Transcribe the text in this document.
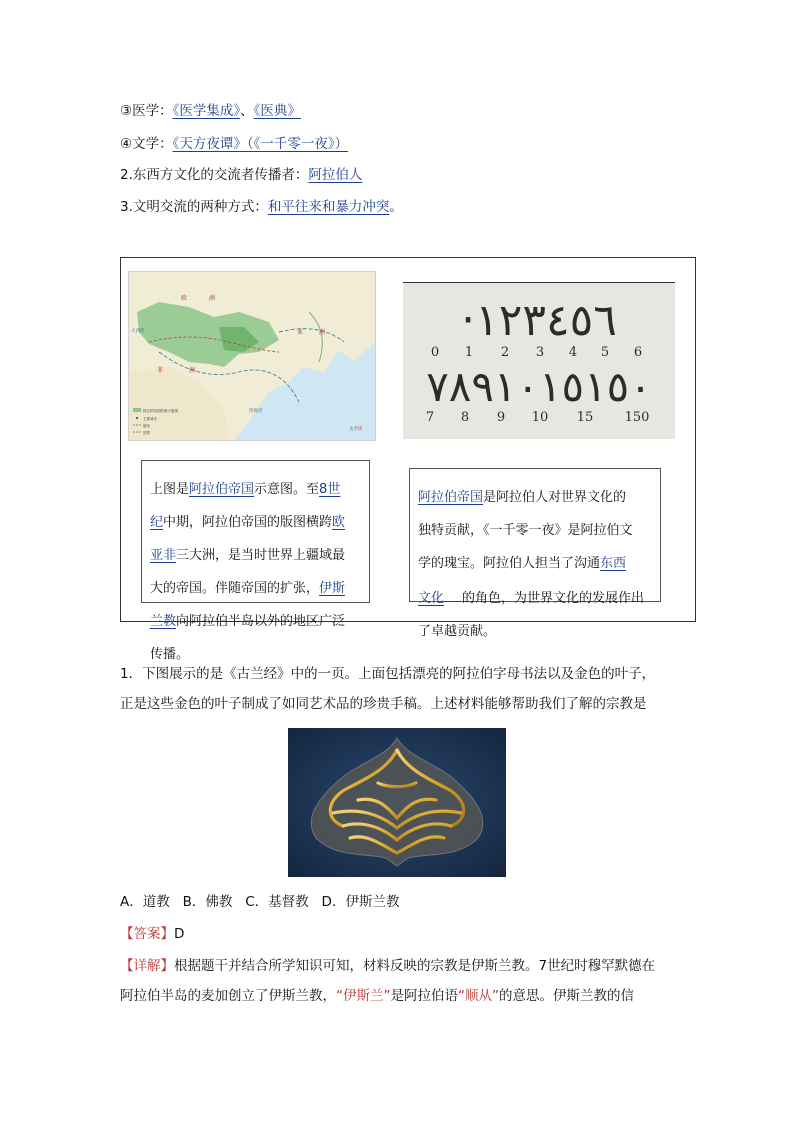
③医学：《医学集成》、《医典》
④文学：《天方夜谭》（《一千零一夜》）
2.东西方文化的交流者传播者：阿拉伯人
3.文明交流的两种方式：和平往来和暴力冲突。
欧	洲
亚	洲
非	洲
大西洋
印度洋
太平洋
阿拉伯帝国的最大版图
主要城市
航线
国界
·١٢٣٤٥٦
0 1 2 3 4 5 6
٧٨٩١٠١٥١٥٠
7 8 9 10 15 150

上图是阿拉伯帝国示意图。至8世

纪中期，阿拉伯帝国的版图横跨欧

亚非三大洲，是当时世界上疆域最

大的帝国。伴随帝国的扩张，伊斯

兰教向阿拉伯半岛以外的地区广泛

传播。

阿拉伯帝国是阿拉伯人对世界文化的

独特贡献，《一千零一夜》是阿拉伯文

学的瑰宝。阿拉伯人担当了沟通东西

文化 的角色，为世界文化的发展作出

了卓越贡献。

1．下图展示的是《古兰经》中的一页。上面包括漂亮的阿拉伯字母书法以及金色的叶子，
正是这些金色的叶子制成了如同艺术品的珍贵手稿。上述材料能够帮助我们了解的宗教是
A．道教   B．佛教   C．基督教   D．伊斯兰教
【答案】D
【详解】根据题干并结合所学知识可知，材料反映的宗教是伊斯兰教。7世纪时穆罕默德在
阿拉伯半岛的麦加创立了伊斯兰教，“伊斯兰”是阿拉伯语“顺从”的意思。伊斯兰教的信
